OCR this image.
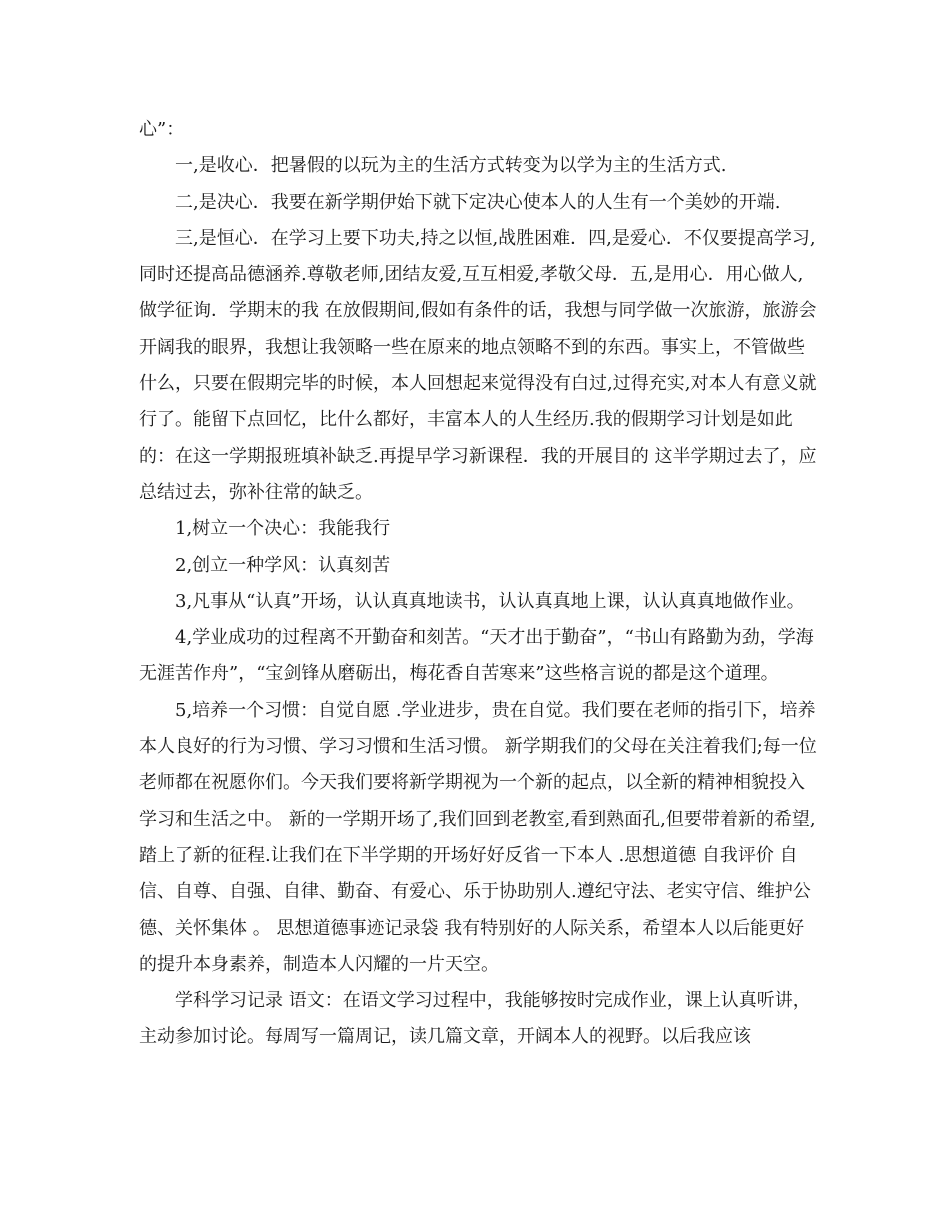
心”：

一,是收心．把暑假的以玩为主的生活方式转变为以学为主的生活方式.

二,是决心．我要在新学期伊始下就下定决心使本人的人生有一个美妙的开端.

三,是恒心．在学习上要下功夫,持之以恒,战胜困难．四,是爱心．不仅要提高学习,同时还提高品德涵养.尊敬老师,团结友爱,互互相爱,孝敬父母．五,是用心．用心做人,做学征询．学期末的我 在放假期间,假如有条件的话，我想与同学做一次旅游，旅游会开阔我的眼界，我想让我领略一些在原来的地点领略不到的东西。事实上，不管做些什么，只要在假期完毕的时候，本人回想起来觉得没有白过,过得充实,对本人有意义就行了。能留下点回忆，比什么都好，丰富本人的人生经历.我的假期学习计划是如此的：在这一学期报班填补缺乏.再提早学习新课程．我的开展目的 这半学期过去了，应总结过去，弥补往常的缺乏。

1,树立一个决心：我能我行

2,创立一种学风：认真刻苦

3,凡事从“认真”开场，认认真真地读书，认认真真地上课，认认真真地做作业。

4,学业成功的过程离不开勤奋和刻苦。“天才出于勤奋”，“书山有路勤为劲，学海无涯苦作舟”，“宝剑锋从磨砺出，梅花香自苦寒来”这些格言说的都是这个道理。

5,培养一个习惯：自觉自愿 .学业进步，贵在自觉。我们要在老师的指引下，培养本人良好的行为习惯、学习习惯和生活习惯。 新学期我们的父母在关注着我们;每一位老师都在祝愿你们。今天我们要将新学期视为一个新的起点，以全新的精神相貌投入学习和生活之中。 新的一学期开场了,我们回到老教室,看到熟面孔,但要带着新的希望,踏上了新的征程.让我们在下半学期的开场好好反省一下本人 .思想道德 自我评价 自信、自尊、自强、自律、勤奋、有爱心、乐于协助别人.遵纪守法、老实守信、维护公德、关怀集体 。 思想道德事迹记录袋 我有特别好的人际关系，希望本人以后能更好的提升本身素养，制造本人闪耀的一片天空。

学科学习记录 语文：在语文学习过程中，我能够按时完成作业，课上认真听讲，主动参加讨论。每周写一篇周记，读几篇文章，开阔本人的视野。以后我应该
